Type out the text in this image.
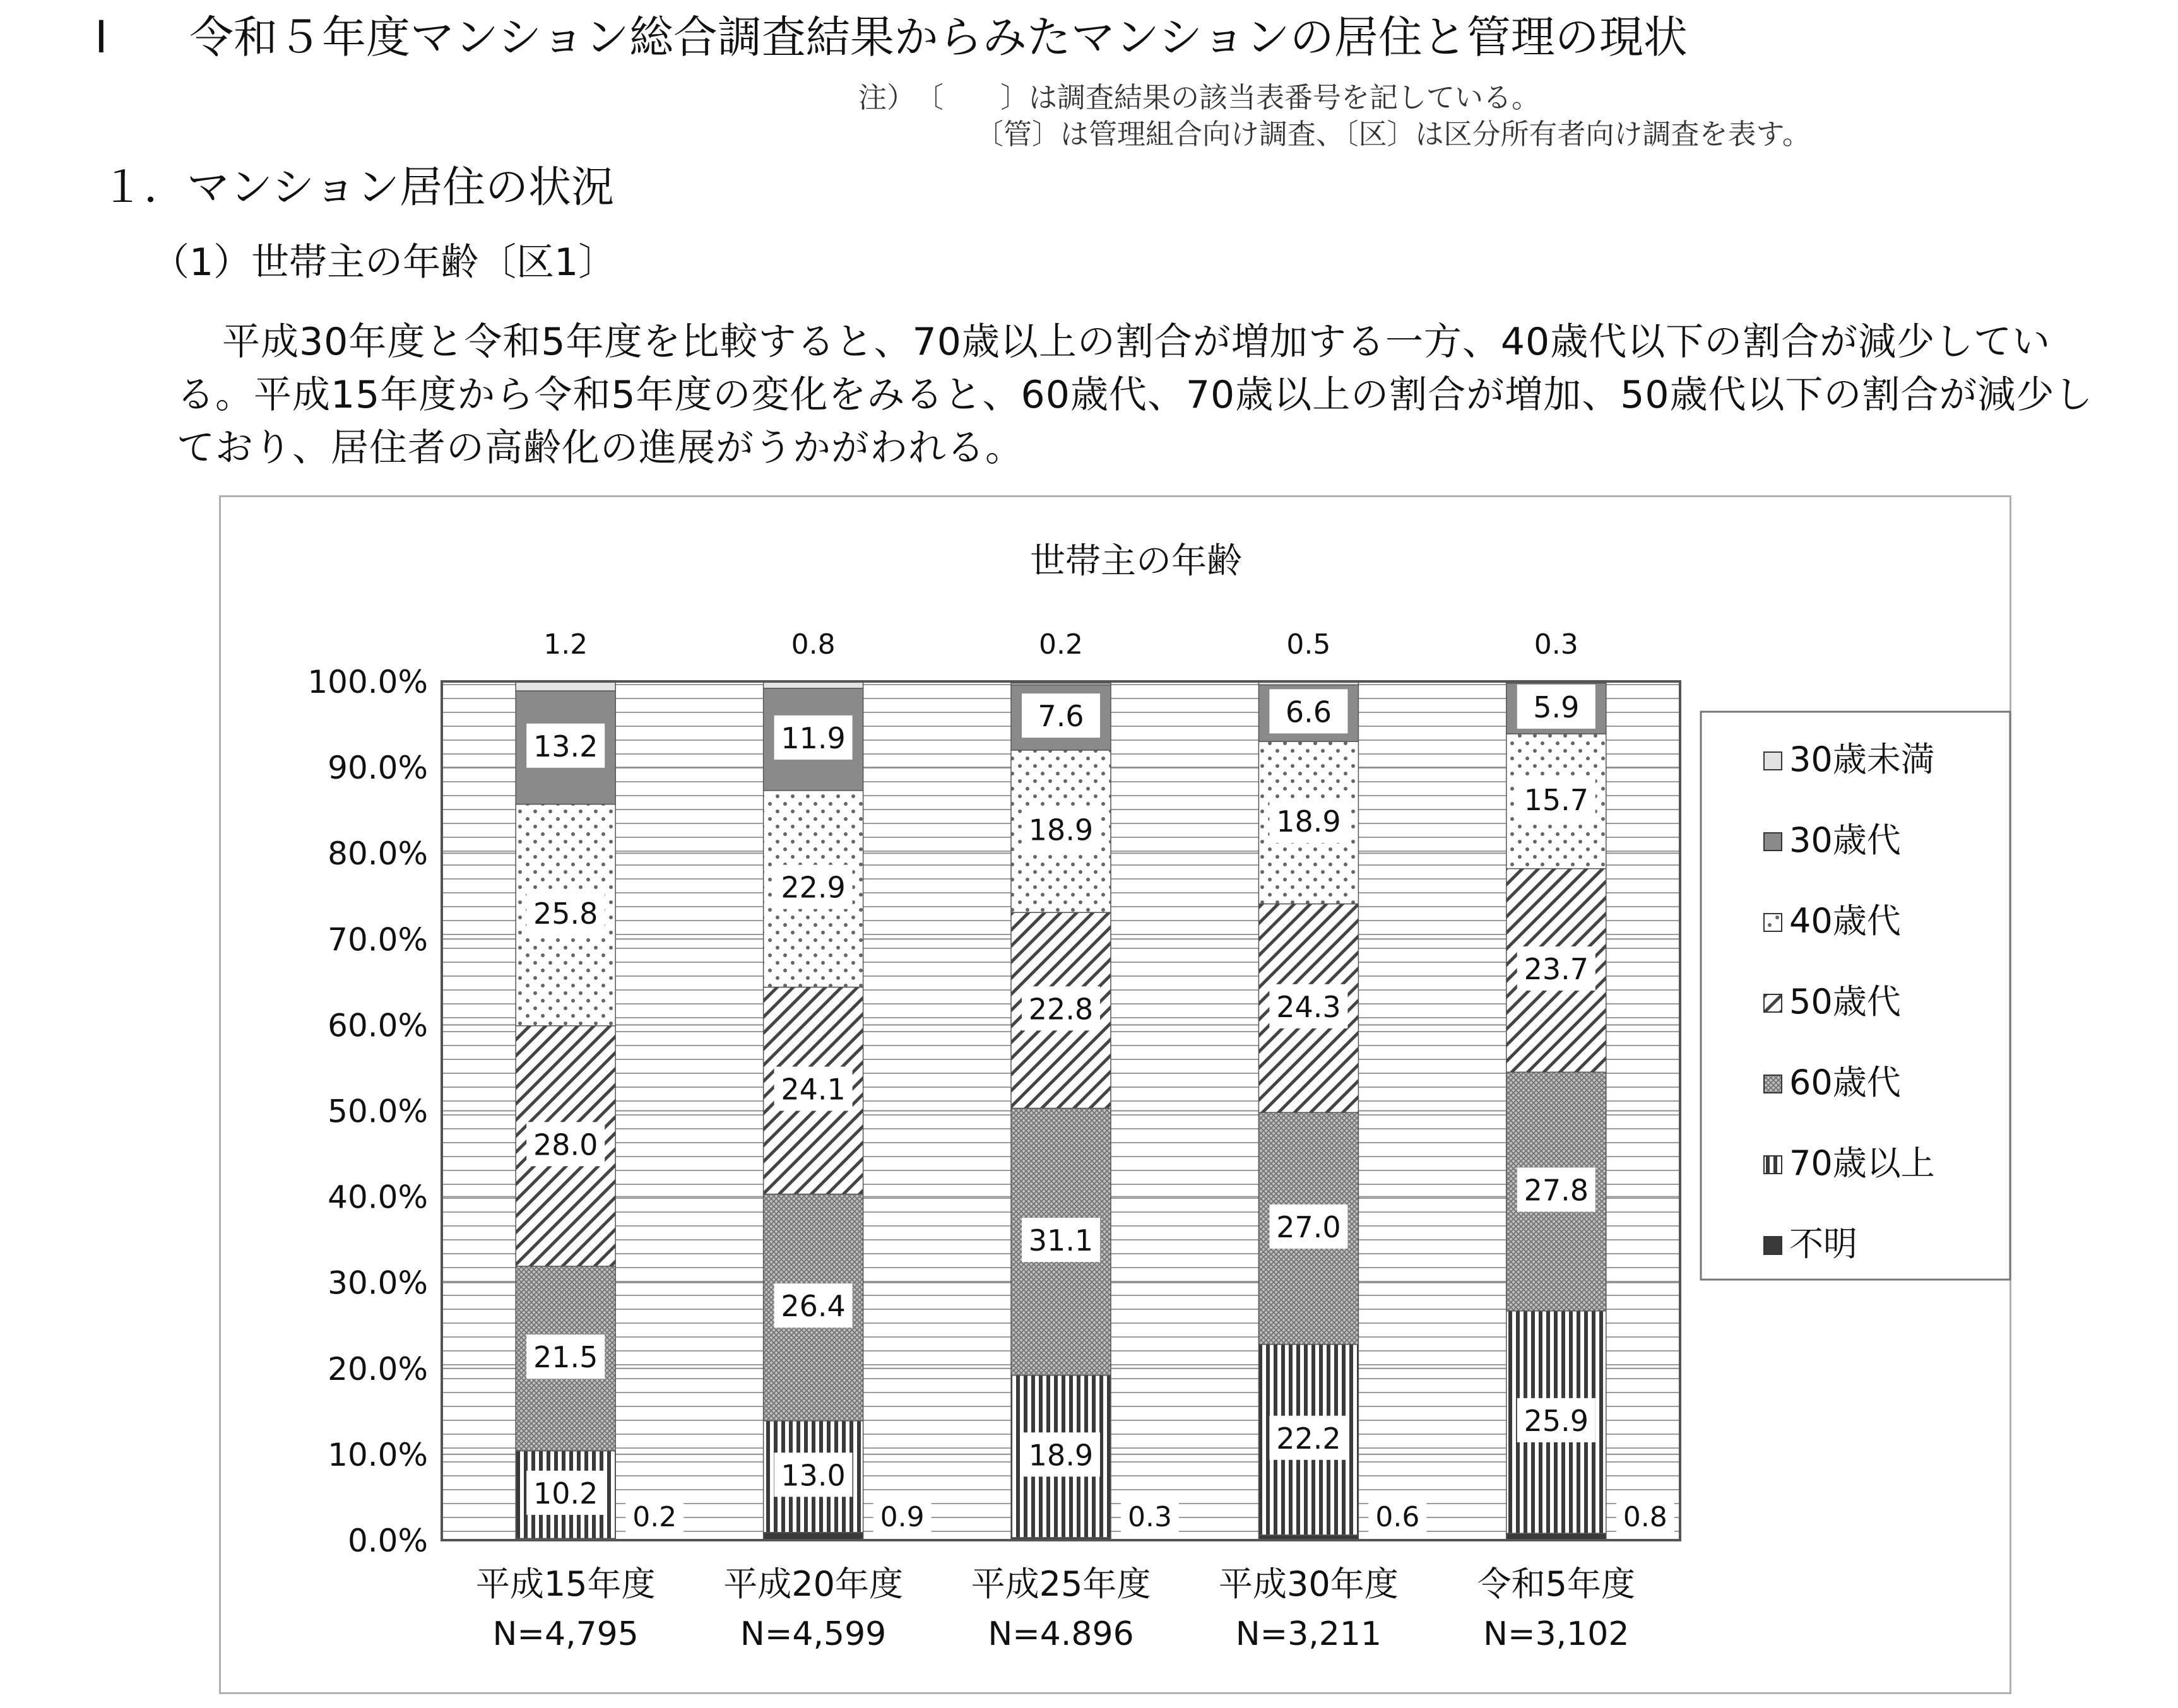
I 令和５年度マンション総合調査結果からみたマンションの居住と管理の現状
注）　〔　　〕は調査結果の該当表番号を記している。
〔管〕は管理組合向け調査、〔区〕は区分所有者向け調査を表す。
１．マンション居住の状況
（1）世帯主の年齢〔区1〕
平成30年度と令和5年度を比較すると、70歳以上の割合が増加する一方、40歳代以下の割合が減少している。平成15年度から令和5年度の変化をみると、60歳代、70歳以上の割合が増加、50歳代以下の割合が減少しており、居住者の高齢化の進展がうかがわれる。
0.0%
10.0%
20.0%
30.0%
40.0%
50.0%
60.0%
70.0%
80.0%
90.0%
100.0%
平成15年度
N=4,795
平成20年度
N=4,599
平成25年度
N=4.896
平成30年度
N=3,211
令和5年度
N=3,102
0.2
10.2
21.5
28.0
25.8
13.2
1.2
0.9
13.0
26.4
24.1
22.9
11.9
0.8
0.3
18.9
31.1
22.8
18.9
7.6
0.2
0.6
22.2
27.0
24.3
18.9
6.6
0.5
0.8
25.9
27.8
23.7
15.7
5.9
0.3
30歳未満
30歳代
40歳代
50歳代
60歳代
70歳以上
不明
世帯主の年齢
